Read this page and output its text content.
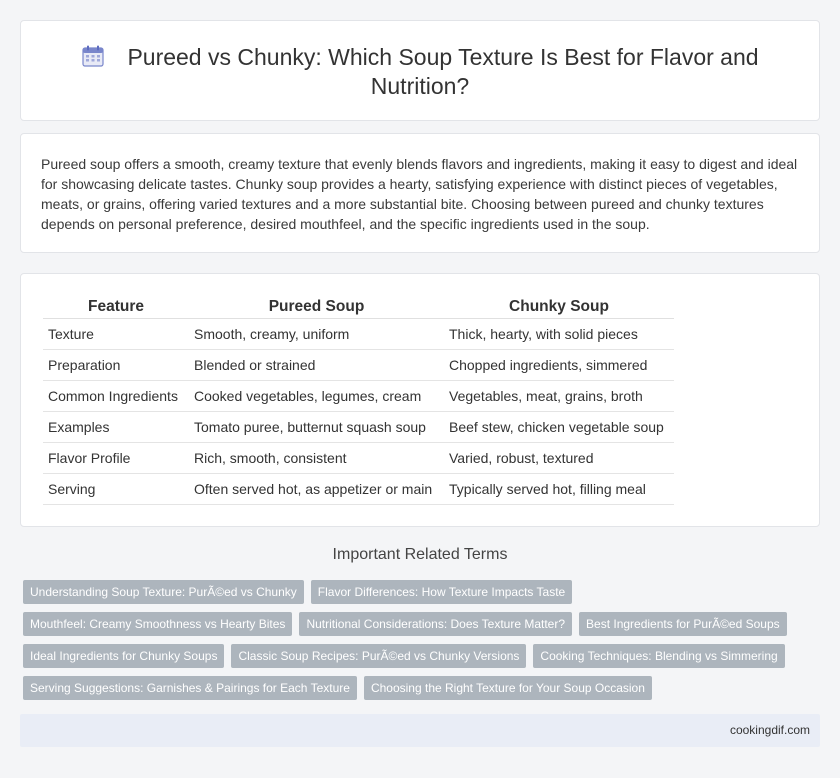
Pureed vs Chunky: Which Soup Texture Is Best for Flavor and Nutrition?

Pureed soup offers a smooth, creamy texture that evenly blends flavors and ingredients, making it easy to digest and ideal for showcasing delicate tastes. Chunky soup provides a hearty, satisfying experience with distinct pieces of vegetables, meats, or grains, offering varied textures and a more substantial bite. Choosing between pureed and chunky textures depends on personal preference, desired mouthfeel, and the specific ingredients used in the soup.

Feature	Pureed Soup	Chunky Soup
Texture	Smooth, creamy, uniform	Thick, hearty, with solid pieces
Preparation	Blended or strained	Chopped ingredients, simmered
Common Ingredients	Cooked vegetables, legumes, cream	Vegetables, meat, grains, broth
Examples	Tomato puree, butternut squash soup	Beef stew, chicken vegetable soup
Flavor Profile	Rich, smooth, consistent	Varied, robust, textured
Serving	Often served hot, as appetizer or main	Typically served hot, filling meal
Important Related Terms
Understanding Soup Texture: PurÃ©ed vs Chunky	Flavor Differences: How Texture Impacts Taste
Mouthfeel: Creamy Smoothness vs Hearty Bites	Nutritional Considerations: Does Texture Matter?	Best Ingredients for PurÃ©ed Soups
Ideal Ingredients for Chunky Soups	Classic Soup Recipes: PurÃ©ed vs Chunky Versions	Cooking Techniques: Blending vs Simmering
Serving Suggestions: Garnishes & Pairings for Each Texture	Choosing the Right Texture for Your Soup Occasion
cookingdif.com
